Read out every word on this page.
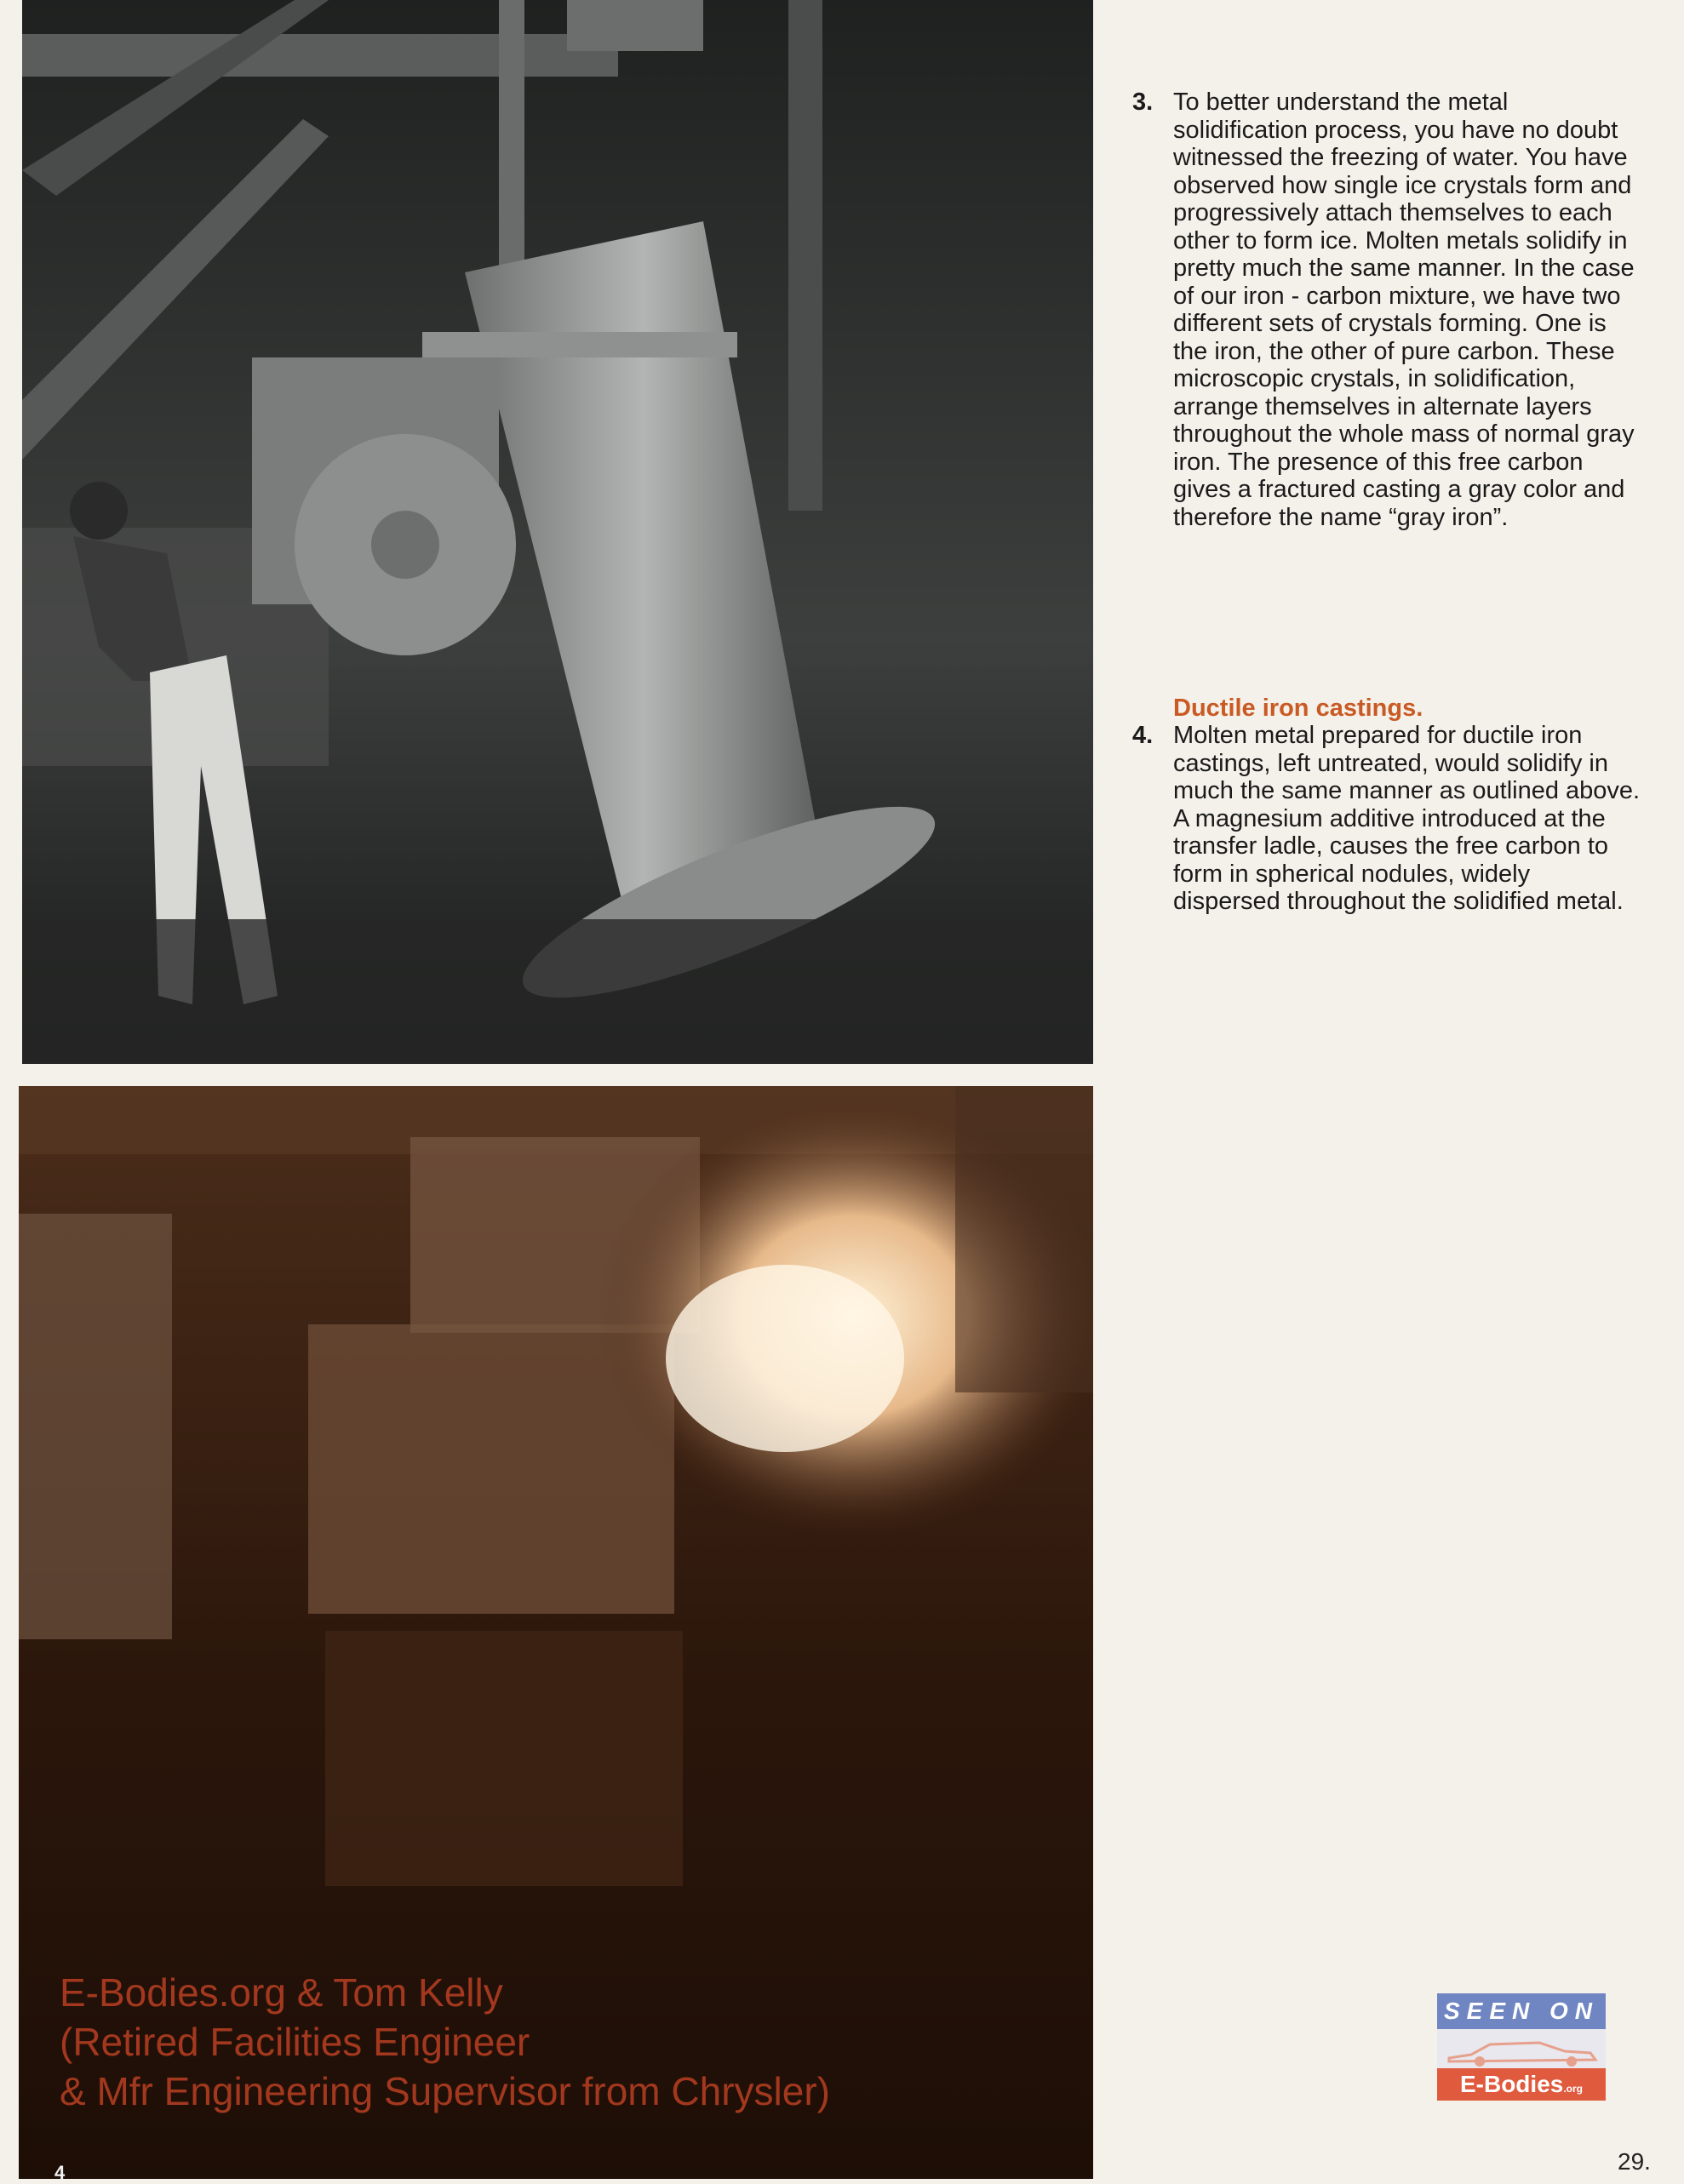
3. To better understand the metal solidification process, you have no doubt witnessed the freezing of water. You have observed how single ice crystals form and progressively attach themselves to each other to form ice. Molten metals solidify in pretty much the same manner. In the case of our iron - carbon mixture, we have two different sets of crystals forming. One is the iron, the other of pure carbon. These microscopic crystals, in solidification, arrange themselves in alternate layers throughout the whole mass of normal gray iron. The presence of this free carbon gives a fractured casting a gray color and therefore the name “gray iron”.
Ductile iron castings.
4. Molten metal prepared for ductile iron castings, left untreated, would solidify in much the same manner as outlined above. A magnesium additive introduced at the transfer ladle, causes the free carbon to form in spherical nodules, widely dispersed throughout the solidified metal.
E-Bodies.org & Tom Kelly
(Retired Facilities Engineer
& Mfr Engineering Supervisor from Chrysler)
4
SEEN ON
E-Bodies.org
29.
